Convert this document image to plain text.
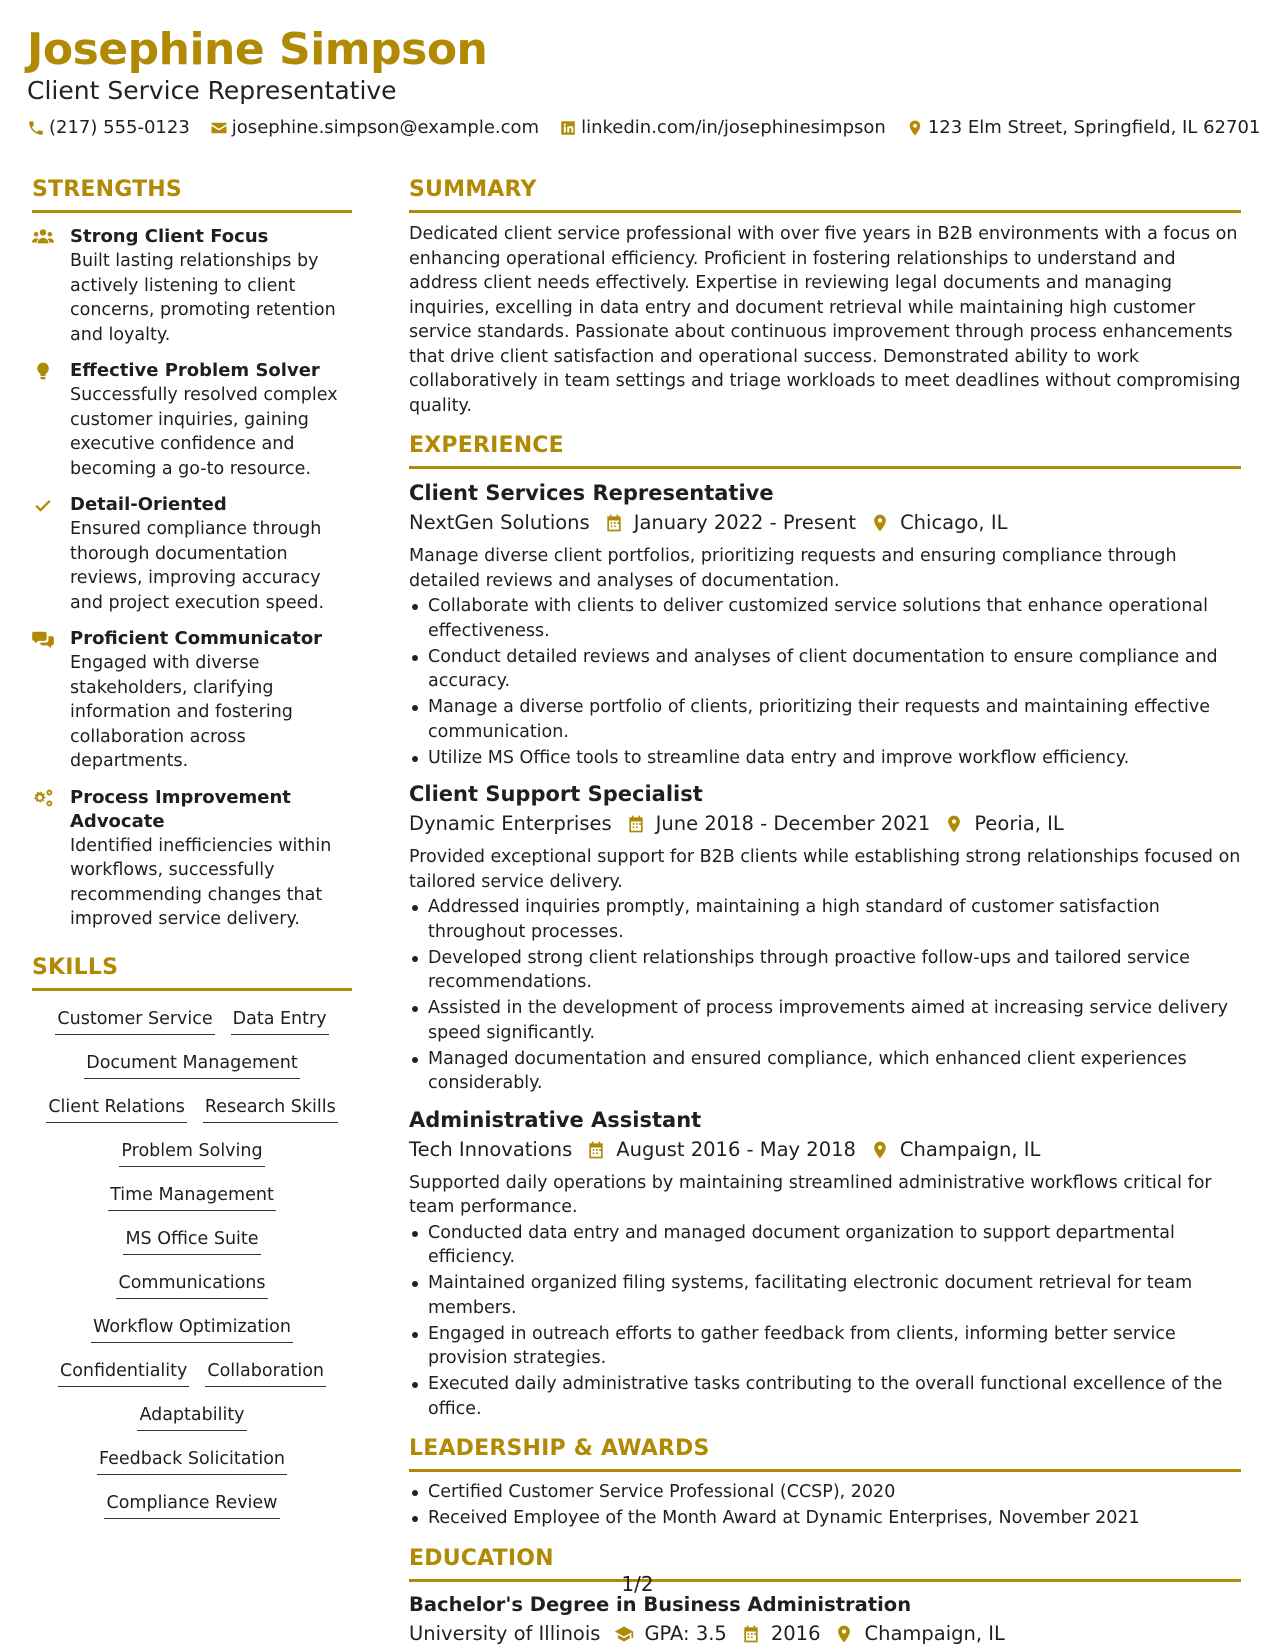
Josephine Simpson
Client Service Representative
(217) 555-0123 josephine.simpson@example.com linkedin.com/in/josephinesimpson 123 Elm Street, Springfield, IL 62701
STRENGTHS
Strong Client Focus
Built lasting relationships by actively listening to client concerns, promoting retention and loyalty.
Effective Problem Solver
Successfully resolved complex customer inquiries, gaining executive confidence and becoming a go-to resource.
Detail-Oriented
Ensured compliance through thorough documentation reviews, improving accuracy and project execution speed.
Proficient Communicator
Engaged with diverse stakeholders, clarifying information and fostering collaboration across departments.
Process Improvement Advocate
Identified inefficiencies within workflows, successfully recommending changes that improved service delivery.
SKILLS
Customer Service Data Entry
Document Management
Client Relations Research Skills
Problem Solving
Time Management
MS Office Suite
Communications
Workflow Optimization
Confidentiality Collaboration
Adaptability
Feedback Solicitation
Compliance Review
SUMMARY
Dedicated client service professional with over five years in B2B environments with a focus on enhancing operational efficiency. Proficient in fostering relationships to understand and address client needs effectively. Expertise in reviewing legal documents and managing inquiries, excelling in data entry and document retrieval while maintaining high customer service standards. Passionate about continuous improvement through process enhancements that drive client satisfaction and operational success. Demonstrated ability to work collaboratively in team settings and triage workloads to meet deadlines without compromising quality.
EXPERIENCE
Client Services Representative
NextGen Solutions January 2022 - Present Chicago, IL
Manage diverse client portfolios, prioritizing requests and ensuring compliance through detailed reviews and analyses of documentation.
Collaborate with clients to deliver customized service solutions that enhance operational effectiveness.
Conduct detailed reviews and analyses of client documentation to ensure compliance and accuracy.
Manage a diverse portfolio of clients, prioritizing their requests and maintaining effective communication.
Utilize MS Office tools to streamline data entry and improve workflow efficiency.
Client Support Specialist
Dynamic Enterprises June 2018 - December 2021 Peoria, IL
Provided exceptional support for B2B clients while establishing strong relationships focused on tailored service delivery.
Addressed inquiries promptly, maintaining a high standard of customer satisfaction throughout processes.
Developed strong client relationships through proactive follow-ups and tailored service recommendations.
Assisted in the development of process improvements aimed at increasing service delivery speed significantly.
Managed documentation and ensured compliance, which enhanced client experiences considerably.
Administrative Assistant
Tech Innovations August 2016 - May 2018 Champaign, IL
Supported daily operations by maintaining streamlined administrative workflows critical for team performance.
Conducted data entry and managed document organization to support departmental efficiency.
Maintained organized filing systems, facilitating electronic document retrieval for team members.
Engaged in outreach efforts to gather feedback from clients, informing better service provision strategies.
Executed daily administrative tasks contributing to the overall functional excellence of the office.
LEADERSHIP & AWARDS
Certified Customer Service Professional (CCSP), 2020
Received Employee of the Month Award at Dynamic Enterprises, November 2021
EDUCATION
Bachelor's Degree in Business Administration
University of Illinois GPA: 3.5 2016 Champaign, IL
1/2
